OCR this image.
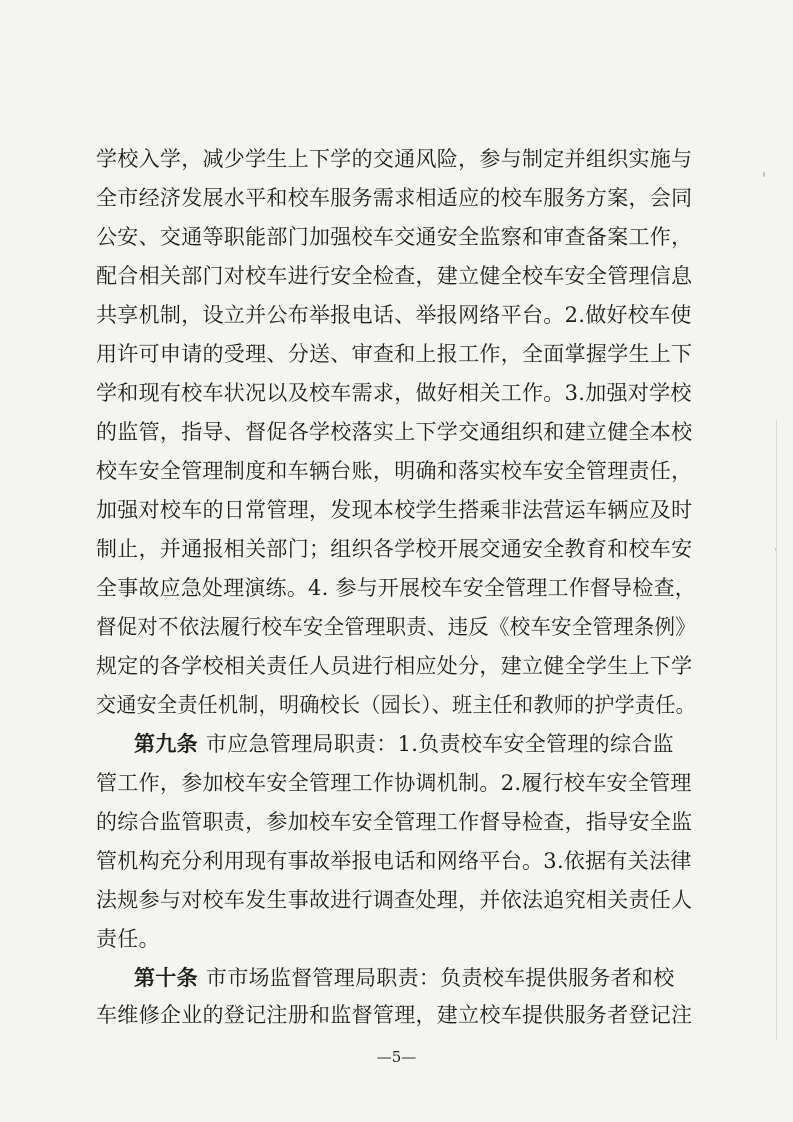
学校入学，减少学生上下学的交通风险，参与制定并组织实施与
全市经济发展水平和校车服务需求相适应的校车服务方案，会同
公安、交通等职能部门加强校车交通安全监察和审查备案工作，
配合相关部门对校车进行安全检查，建立健全校车安全管理信息
共享机制，设立并公布举报电话、举报网络平台。2.做好校车使
用许可申请的受理、分送、审查和上报工作，全面掌握学生上下
学和现有校车状况以及校车需求，做好相关工作。3.加强对学校
的监管，指导、督促各学校落实上下学交通组织和建立健全本校
校车安全管理制度和车辆台账，明确和落实校车安全管理责任，
加强对校车的日常管理，发现本校学生搭乘非法营运车辆应及时
制止，并通报相关部门；组织各学校开展交通安全教育和校车安
全事故应急处理演练。4. 参与开展校车安全管理工作督导检查，
督促对不依法履行校车安全管理职责、违反《校车安全管理条例》
规定的各学校相关责任人员进行相应处分，建立健全学生上下学
交通安全责任机制，明确校长（园长）、班主任和教师的护学责任。
第九条 市应急管理局职责：1.负责校车安全管理的综合监
管工作，参加校车安全管理工作协调机制。2.履行校车安全管理
的综合监管职责，参加校车安全管理工作督导检查，指导安全监
管机构充分利用现有事故举报电话和网络平台。3.依据有关法律
法规参与对校车发生事故进行调查处理，并依法追究相关责任人
责任。
第十条 市市场监督管理局职责：负责校车提供服务者和校
车维修企业的登记注册和监督管理，建立校车提供服务者登记注
—5—
